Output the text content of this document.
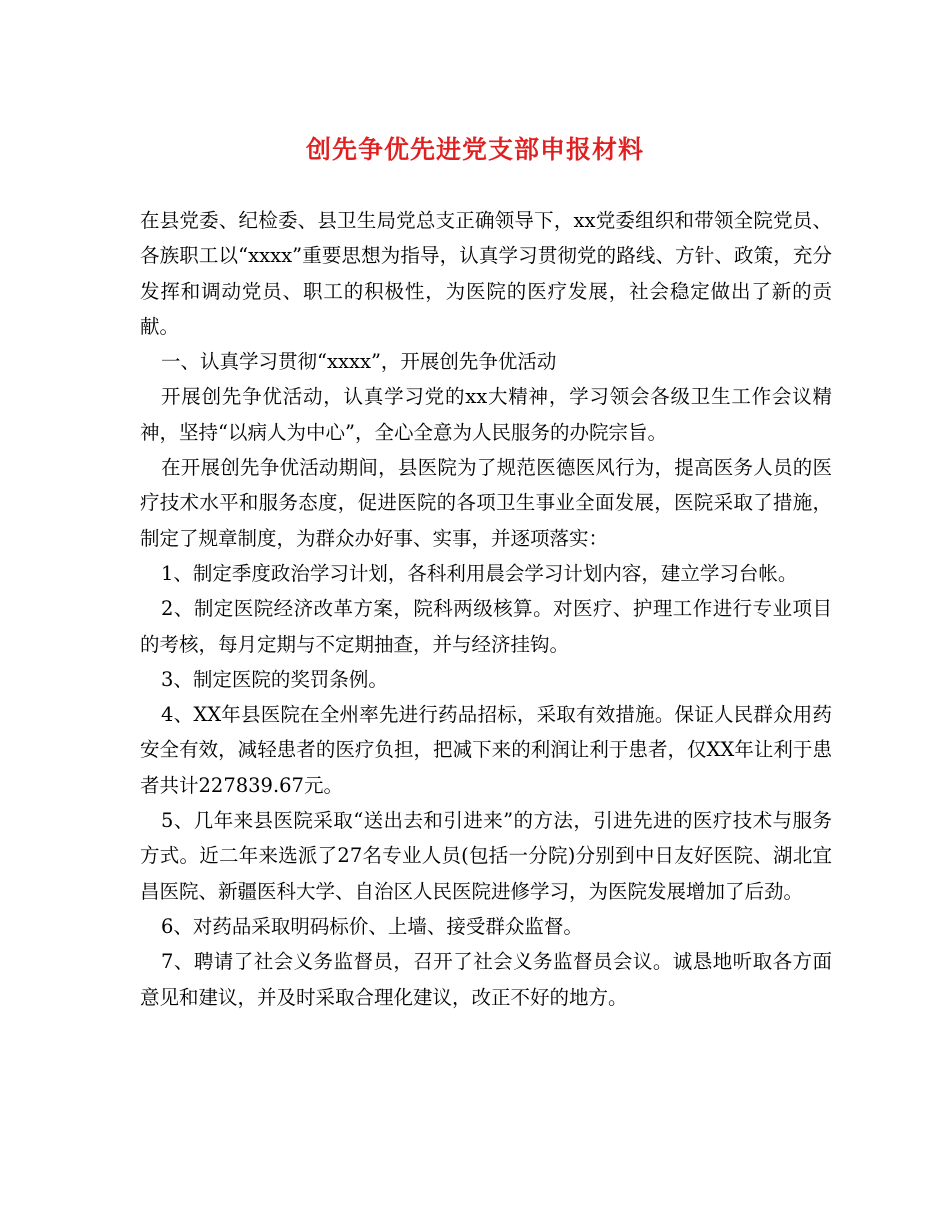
创先争优先进党支部申报材料

在县党委、纪检委、县卫生局党总支正确领导下，xx党委组织和带领全院党员、各族职工以“xxxx”重要思想为指导，认真学习贯彻党的路线、方针、政策，充分发挥和调动党员、职工的积极性，为医院的医疗发展，社会稳定做出了新的贡献。

一、认真学习贯彻“xxxx”，开展创先争优活动

开展创先争优活动，认真学习党的xx大精神，学习领会各级卫生工作会议精神，坚持“以病人为中心”，全心全意为人民服务的办院宗旨。

在开展创先争优活动期间，县医院为了规范医德医风行为，提高医务人员的医疗技术水平和服务态度，促进医院的各项卫生事业全面发展，医院采取了措施，制定了规章制度，为群众办好事、实事，并逐项落实：

1、制定季度政治学习计划，各科利用晨会学习计划内容，建立学习台帐。

2、制定医院经济改革方案，院科两级核算。对医疗、护理工作进行专业项目的考核，每月定期与不定期抽查，并与经济挂钩。

3、制定医院的奖罚条例。

4、XX年县医院在全州率先进行药品招标，采取有效措施。保证人民群众用药安全有效，减轻患者的医疗负担，把减下来的利润让利于患者，仅XX年让利于患者共计227839.67元。

5、几年来县医院采取“送出去和引进来”的方法，引进先进的医疗技术与服务方式。近二年来选派了27名专业人员(包括一分院)分别到中日友好医院、湖北宜昌医院、新疆医科大学、自治区人民医院进修学习，为医院发展增加了后劲。

6、对药品采取明码标价、上墙、接受群众监督。

7、聘请了社会义务监督员，召开了社会义务监督员会议。诚恳地听取各方面意见和建议，并及时采取合理化建议，改正不好的地方。
